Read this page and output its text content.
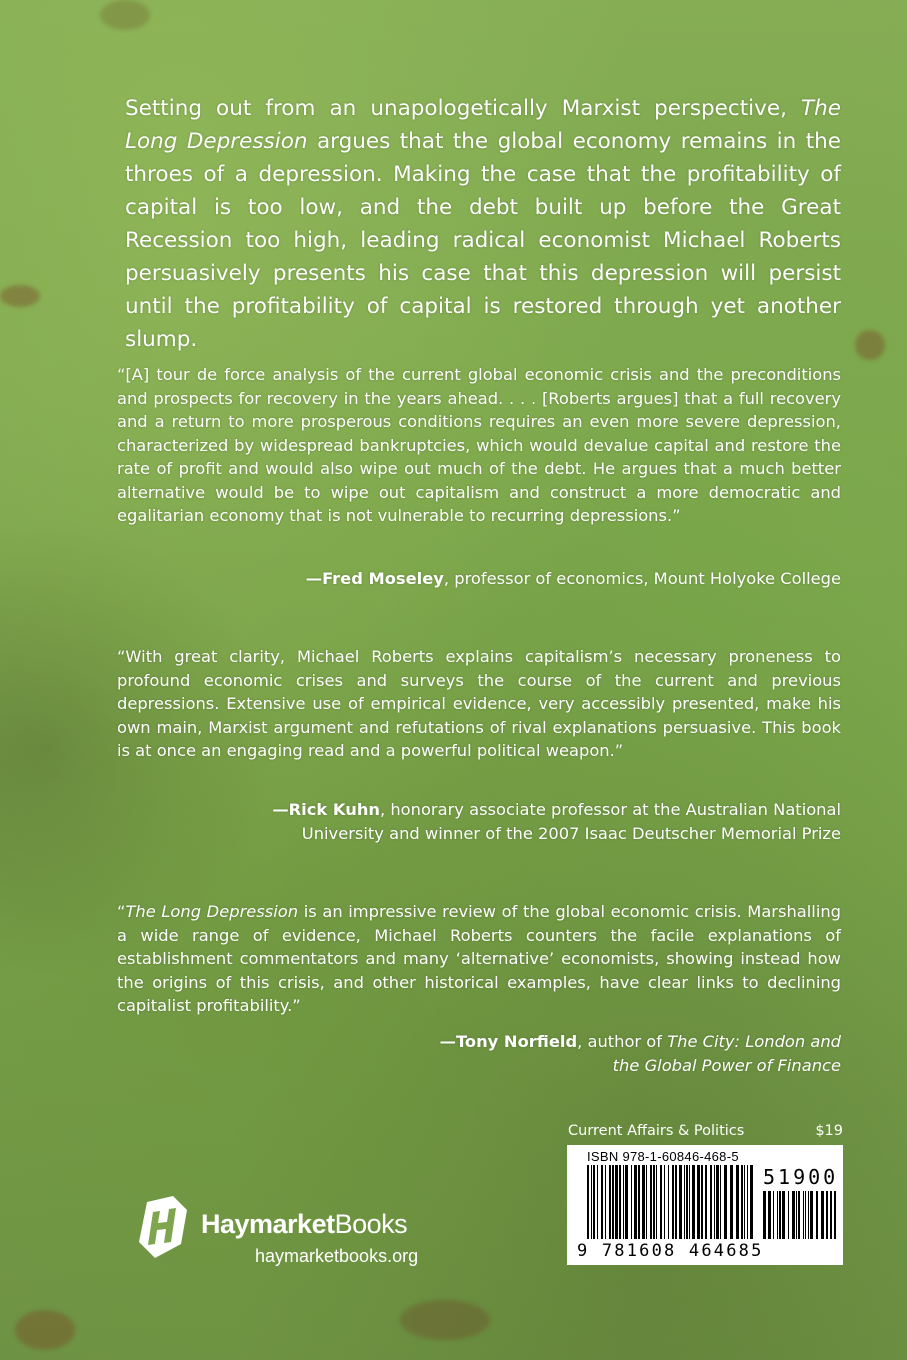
Setting out from an unapologetically Marxist perspective, The Long Depression argues that the global economy remains in the throes of a depression. Making the case that the profitability of capital is too low, and the debt built up before the Great Recession too high, leading radical economist Michael Roberts persuasively presents his case that this depression will persist until the profitability of capital is restored through yet another slump.

“[A] tour de force analysis of the current global economic crisis and the preconditions and prospects for recovery in the years ahead. . . . [Roberts argues] that a full recovery and a return to more prosperous conditions requires an even more severe depression, characterized by widespread bankruptcies, which would devalue capital and restore the rate of profit and would also wipe out much of the debt. He argues that a much better alternative would be to wipe out capitalism and construct a more democratic and egalitarian economy that is not vulnerable to recurring depressions.”

—Fred Moseley, professor of economics, Mount Holyoke College

“With great clarity, Michael Roberts explains capitalism’s necessary proneness to profound economic crises and surveys the course of the current and previous depressions. Extensive use of empirical evidence, very accessibly presented, make his own main, Marxist argument and refutations of rival explanations persuasive. This book is at once an engaging read and a powerful political weapon.”

—Rick Kuhn, honorary associate professor at the Australian National
University and winner of the 2007 Isaac Deutscher Memorial Prize

“The Long Depression is an impressive review of the global economic crisis. Marshalling a wide range of evidence, Michael Roberts counters the facile explanations of establishment commentators and many ‘alternative’ economists, showing instead how the origins of this crisis, and other historical examples, have clear links to declining capitalist profitability.”

—Tony Norfield, author of The City: London and
the Global Power of Finance

Current Affairs & Politics	$19
ISBN 978-1-60846-468-5
51900
9 781608 464685
HaymarketBooks
haymarketbooks.org
